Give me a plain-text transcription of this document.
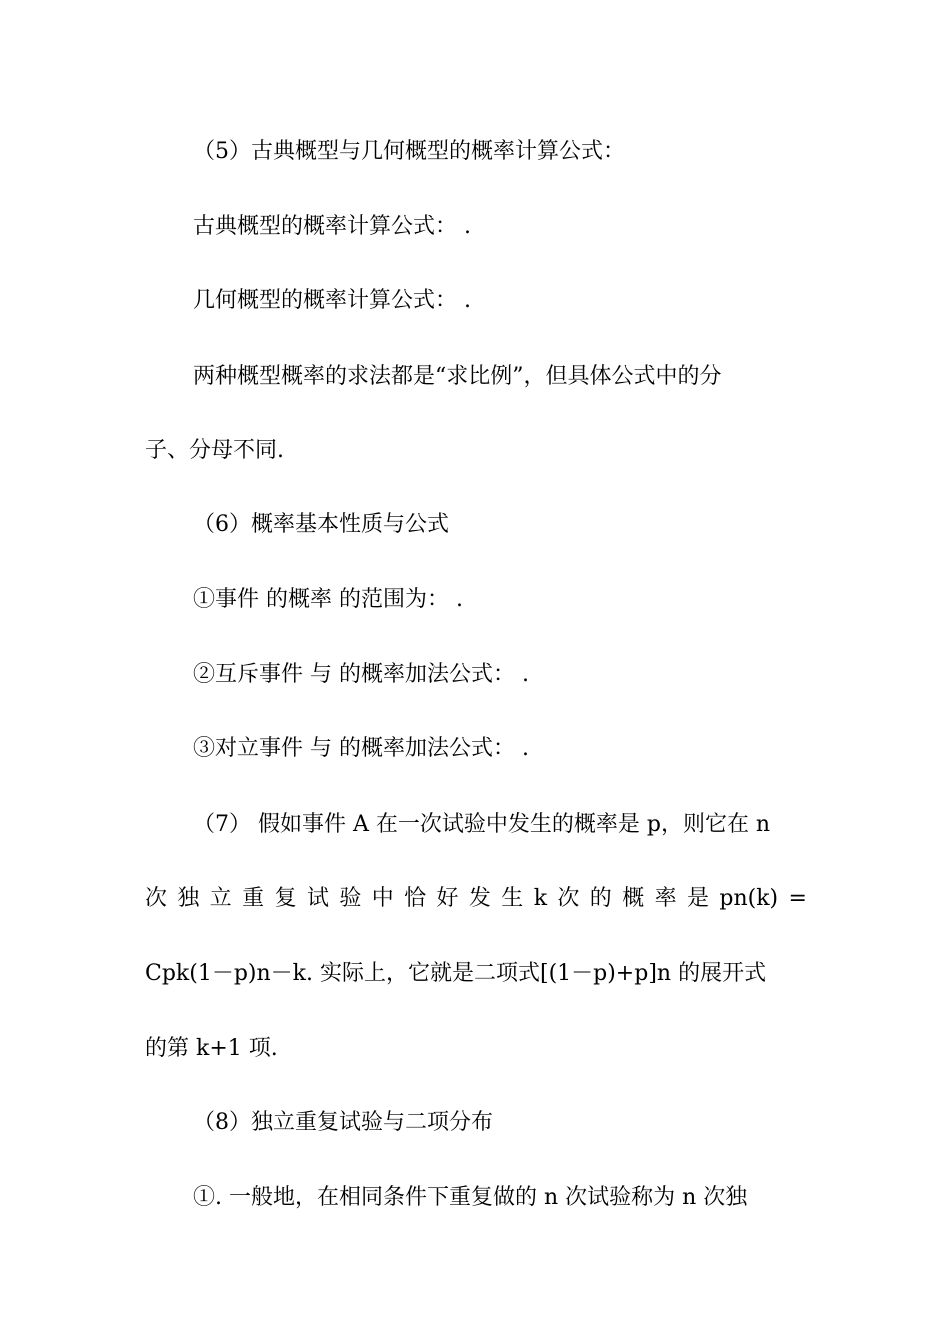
（5）古典概型与几何概型的概率计算公式：
古典概型的概率计算公式： .
几何概型的概率计算公式： .
两种概型概率的求法都是“求比例”，但具体公式中的分
子、分母不同.
（6）概率基本性质与公式
①事件 的概率 的范围为： .
②互斥事件 与 的概率加法公式： .
③对立事件 与 的概率加法公式： .
（7） 假如事件 A 在一次试验中发生的概率是 p，则它在 n
次 独 立 重 复 试 验 中 恰 好 发 生 k 次 的 概 率 是 pn(k) =
Cpk(1－p)n－k. 实际上，它就是二项式[(1－p)+p]n 的展开式
的第 k+1 项.
（8）独立重复试验与二项分布
①. 一般地，在相同条件下重复做的 n 次试验称为 n 次独
